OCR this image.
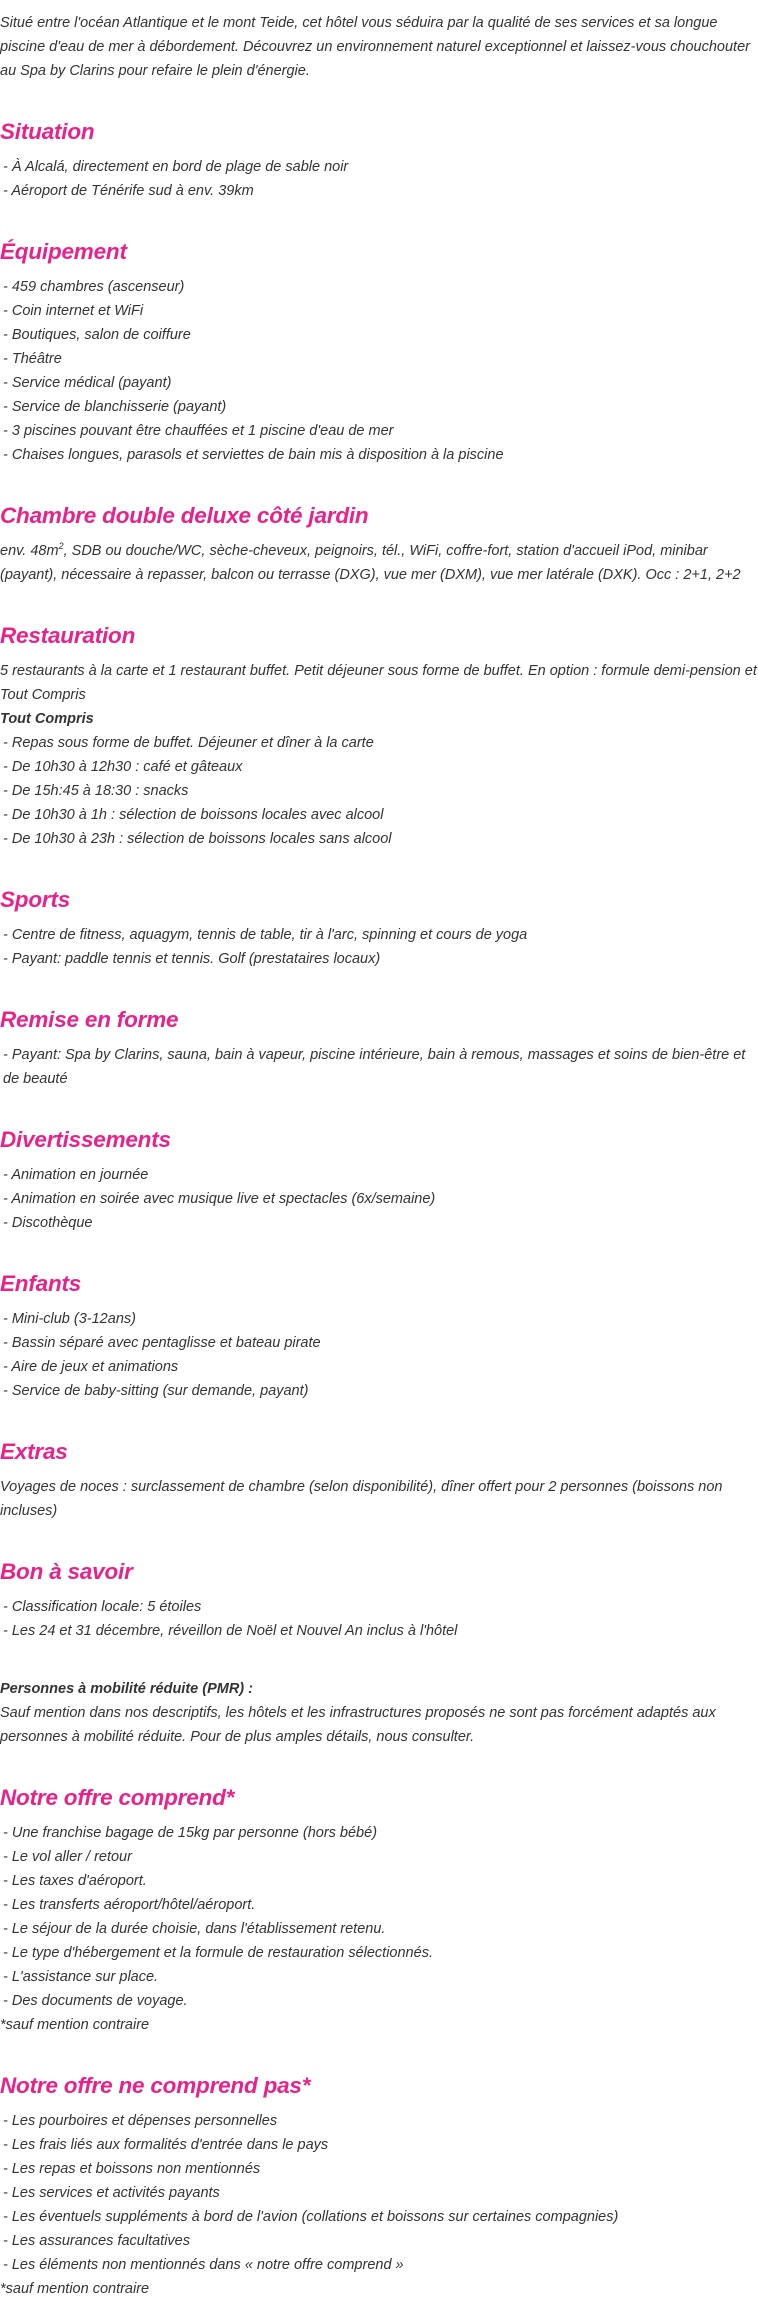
Situé entre l'océan Atlantique et le mont Teide, cet hôtel vous séduira par la qualité de ses services et sa longue piscine d'eau de mer à débordement. Découvrez un environnement naturel exceptionnel et laissez-vous chouchouter au Spa by Clarins pour refaire le plein d'énergie.

Situation

- À Alcalá, directement en bord de plage de sable noir

- Aéroport de Ténérife sud à env. 39km

Équipement

- 459 chambres (ascenseur)

- Coin internet et WiFi

- Boutiques, salon de coiffure

- Théâtre

- Service médical (payant)

- Service de blanchisserie (payant)

- 3 piscines pouvant être chauffées et 1 piscine d'eau de mer

- Chaises longues, parasols et serviettes de bain mis à disposition à la piscine

Chambre double deluxe côté jardin

env. $48m^2$, SDB ou douche/WC, sèche-cheveux, peignoirs, tél., WiFi, coffre-fort, station d'accueil iPod, minibar (payant), nécessaire à repasser, balcon ou terrasse (DXG), vue mer (DXM), vue mer latérale (DXK). Occ : 2+1, 2+2

Restauration

5 restaurants à la carte et 1 restaurant buffet. Petit déjeuner sous forme de buffet. En option : formule demi-pension et Tout Compris

Tout Compris

- Repas sous forme de buffet. Déjeuner et dîner à la carte

- De 10h30 à 12h30 : café et gâteaux

- De 15h:45 à 18:30 : snacks

- De 10h30 à 1h : sélection de boissons locales avec alcool

- De 10h30 à 23h : sélection de boissons locales sans alcool

Sports

- Centre de fitness, aquagym, tennis de table, tir à l'arc, spinning et cours de yoga

- Payant: paddle tennis et tennis. Golf (prestataires locaux)

Remise en forme

- Payant: Spa by Clarins, sauna, bain à vapeur, piscine intérieure, bain à remous, massages et soins de bien-être et de beauté

Divertissements

- Animation en journée

- Animation en soirée avec musique live et spectacles (6x/semaine)

- Discothèque

Enfants

- Mini-club (3-12ans)

- Bassin séparé avec pentaglisse et bateau pirate

- Aire de jeux et animations

- Service de baby-sitting (sur demande, payant)

Extras

Voyages de noces : surclassement de chambre (selon disponibilité), dîner offert pour 2 personnes (boissons non incluses)

Bon à savoir

- Classification locale: 5 étoiles

- Les 24 et 31 décembre, réveillon de Noël et Nouvel An inclus à l'hôtel

Personnes à mobilité réduite (PMR) :

Sauf mention dans nos descriptifs, les hôtels et les infrastructures proposés ne sont pas forcément adaptés aux personnes à mobilité réduite. Pour de plus amples détails, nous consulter.

Notre offre comprend*

- Une franchise bagage de 15kg par personne (hors bébé)

- Le vol aller / retour

- Les taxes d'aéroport.

- Les transferts aéroport/hôtel/aéroport.

- Le séjour de la durée choisie, dans l'établissement retenu.

- Le type d'hébergement et la formule de restauration sélectionnés.

- L'assistance sur place.

- Des documents de voyage.

*sauf mention contraire

Notre offre ne comprend pas*

- Les pourboires et dépenses personnelles

- Les frais liés aux formalités d'entrée dans le pays

- Les repas et boissons non mentionnés

- Les services et activités payants

- Les éventuels suppléments à bord de l'avion (collations et boissons sur certaines compagnies)

- Les assurances facultatives

- Les éléments non mentionnés dans « notre offre comprend »

*sauf mention contraire
